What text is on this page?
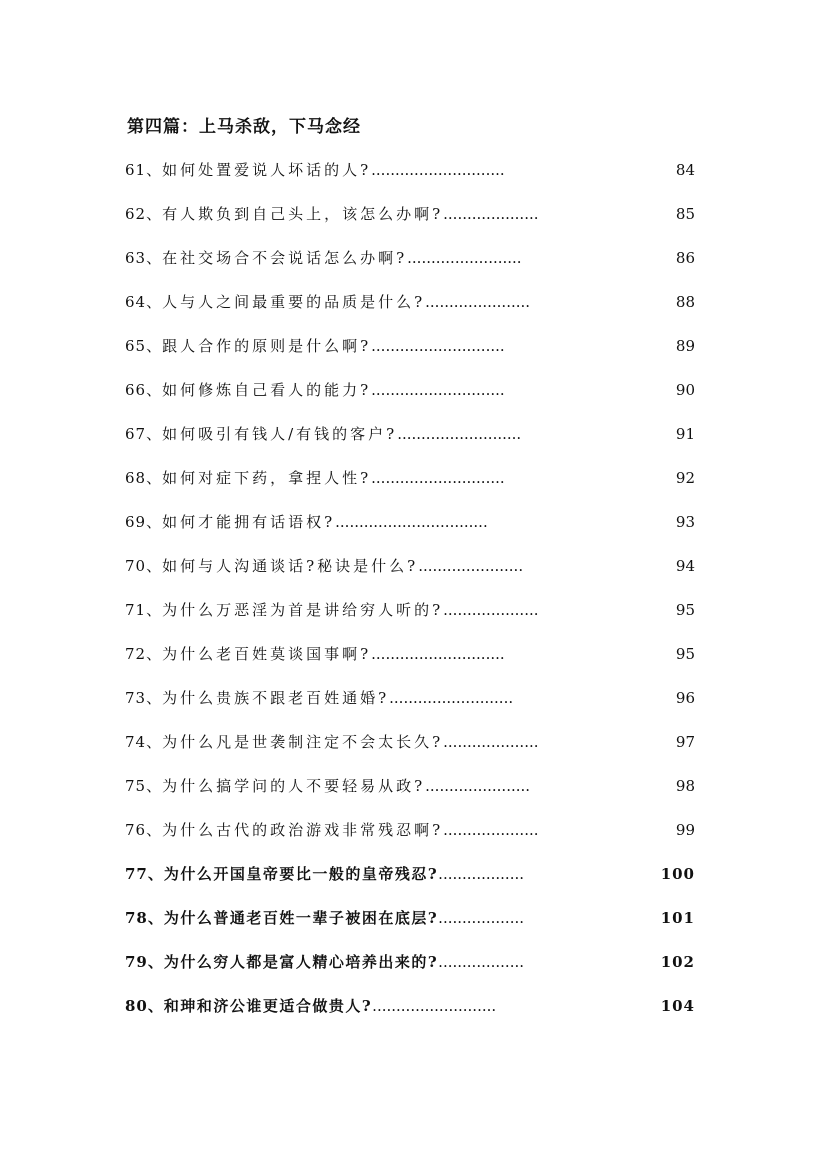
第四篇：上马杀敌，下马念经
61、如何处置爱说人坏话的人?............................	84
62、有人欺负到自己头上，该怎么办啊?....................	85
63、在社交场合不会说话怎么办啊?........................	86
64、人与人之间最重要的品质是什么?......................	88
65、跟人合作的原则是什么啊?............................	89
66、如何修炼自己看人的能力?............................	90
67、如何吸引有钱人/有钱的客户?..........................	91
68、如何对症下药，拿捏人性?............................	92
69、如何才能拥有话语权?................................	93
70、如何与人沟通谈话?秘诀是什么?......................	94
71、为什么万恶淫为首是讲给穷人听的?....................	95
72、为什么老百姓莫谈国事啊?............................	95
73、为什么贵族不跟老百姓通婚?..........................	96
74、为什么凡是世袭制注定不会太长久?....................	97
75、为什么搞学问的人不要轻易从政?......................	98
76、为什么古代的政治游戏非常残忍啊?....................	99
77、为什么开国皇帝要比一般的皇帝残忍?..................	100
78、为什么普通老百姓一辈子被困在底层?..................	101
79、为什么穷人都是富人精心培养出来的?..................	102
80、和珅和济公谁更适合做贵人?..........................	104
